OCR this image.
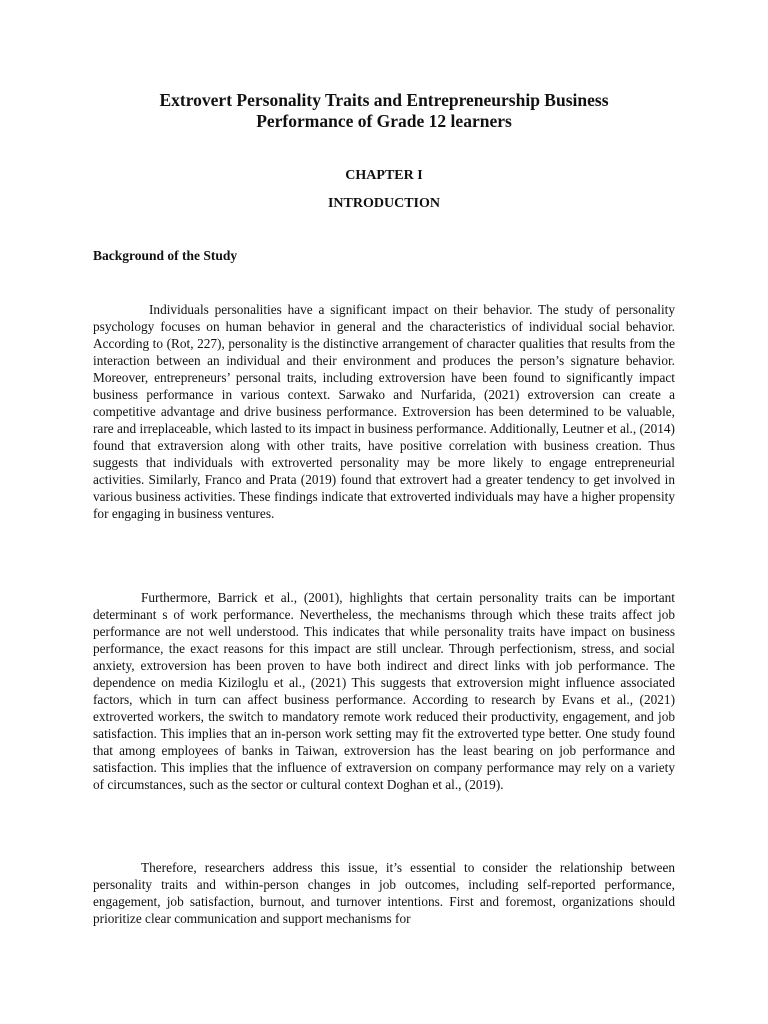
Extrovert Personality Traits and Entrepreneurship Business
Performance of Grade 12 learners

CHAPTER I

INTRODUCTION

Background of the Study

Individuals personalities have a significant impact on their behavior. The study of personality psychology focuses on human behavior in general and the characteristics of individual social behavior. According to (Rot, 227), personality is the distinctive arrangement of character qualities that results from the interaction between an individual and their environment and produces the person’s signature behavior. Moreover, entrepreneurs’ personal traits, including extroversion have been found to significantly impact business performance in various context. Sarwako and Nurfarida, (2021) extroversion can create a competitive advantage and drive business performance. Extroversion has been determined to be valuable, rare and irreplaceable, which lasted to its impact in business performance. Additionally, Leutner et al., (2014) found that extraversion along with other traits, have positive correlation with business creation. Thus suggests that individuals with extroverted personality may be more likely to engage entrepreneurial activities. Similarly, Franco and Prata (2019) found that extrovert had a greater tendency to get involved in various business activities. These findings indicate that extroverted individuals may have a higher propensity for engaging in business ventures.

Furthermore, Barrick et al., (2001), highlights that certain personality traits can be important determinant s of work performance. Nevertheless, the mechanisms through which these traits affect job performance are not well understood. This indicates that while personality traits have impact on business performance, the exact reasons for this impact are still unclear. Through perfectionism, stress, and social anxiety, extroversion has been proven to have both indirect and direct links with job performance. The dependence on media Kiziloglu et al., (2021) This suggests that extroversion might influence associated factors, which in turn can affect business performance. According to research by Evans et al., (2021) extroverted workers, the switch to mandatory remote work reduced their productivity, engagement, and job satisfaction. This implies that an in-person work setting may fit the extroverted type better. One study found that among employees of banks in Taiwan, extroversion has the least bearing on job performance and satisfaction. This implies that the influence of extraversion on company performance may rely on a variety of circumstances, such as the sector or cultural context Doghan et al., (2019).

Therefore, researchers address this issue, it’s essential to consider the relationship between personality traits and within-person changes in job outcomes, including self-reported performance, engagement, job satisfaction, burnout, and turnover intentions. First and foremost, organizations should prioritize clear communication and support mechanisms for
